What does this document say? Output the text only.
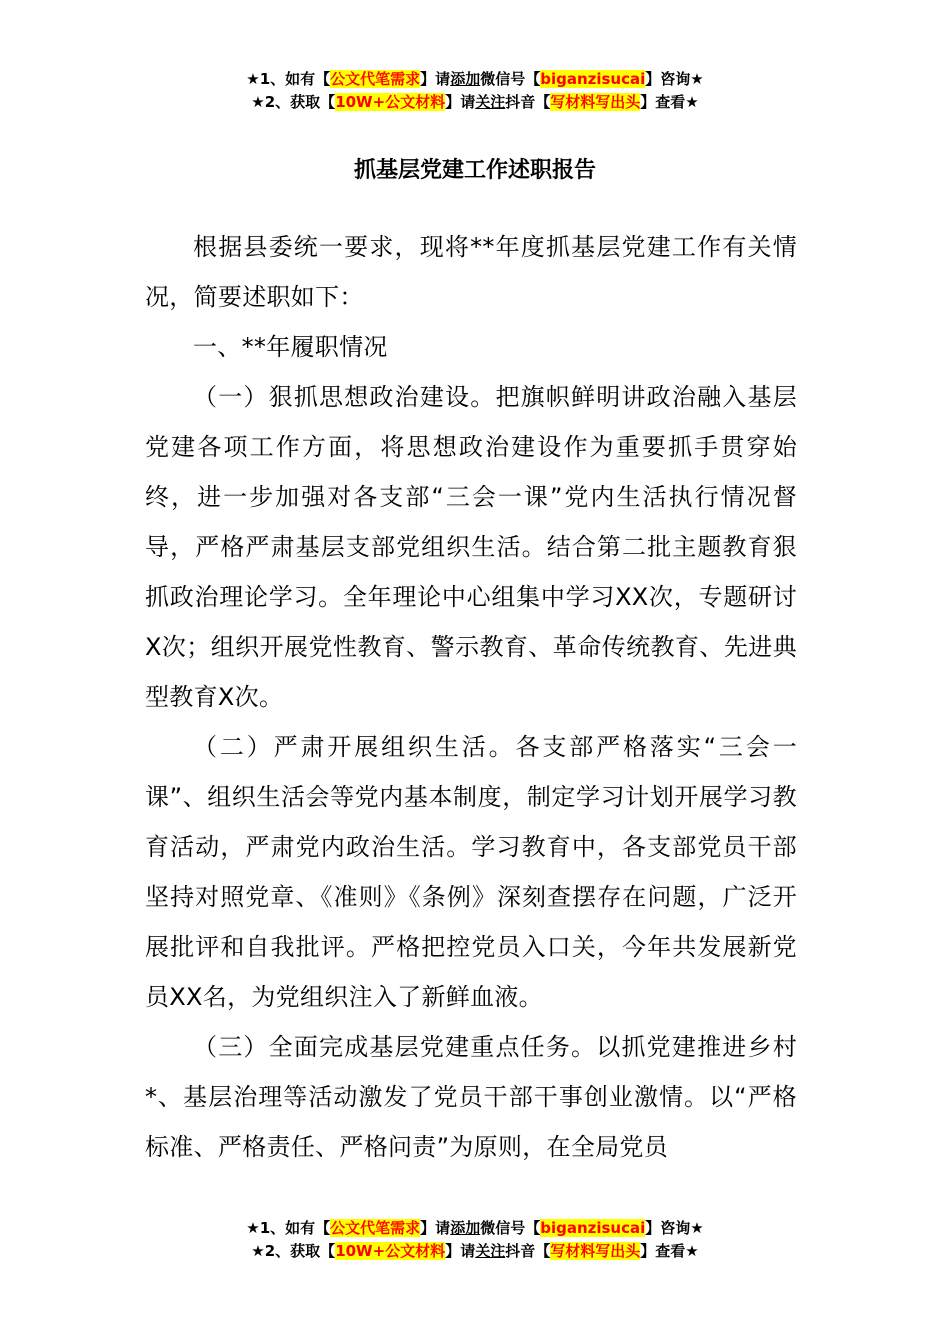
★1、如有【公文代笔需求】请添加微信号【biganzisucai】咨询★
★2、获取【10W+公文材料】请关注抖音【写材料写出头】查看★
抓基层党建工作述职报告

根据县委统一要求，现将**年度抓基层党建工作有关情况，简要述职如下：

一、**年履职情况

（一）狠抓思想政治建设。把旗帜鲜明讲政治融入基层党建各项工作方面，将思想政治建设作为重要抓手贯穿始终，进一步加强对各支部“三会一课”党内生活执行情况督导，严格严肃基层支部党组织生活。结合第二批主题教育狠抓政治理论学习。全年理论中心组集中学习XX次，专题研讨X次；组织开展党性教育、警示教育、革命传统教育、先进典型教育X次。

（二）严肃开展组织生活。各支部严格落实“三会一课”、组织生活会等党内基本制度，制定学习计划开展学习教育活动，严肃党内政治生活。学习教育中，各支部党员干部坚持对照党章、《准则》《条例》深刻查摆存在问题，广泛开展批评和自我批评。严格把控党员入口关，今年共发展新党员XX名，为党组织注入了新鲜血液。

（三）全面完成基层党建重点任务。以抓党建推进乡村*、基层治理等活动激发了党员干部干事创业激情。以“严格标准、严格责任、严格问责”为原则，在全局党员

★1、如有【公文代笔需求】请添加微信号【biganzisucai】咨询★
★2、获取【10W+公文材料】请关注抖音【写材料写出头】查看★
